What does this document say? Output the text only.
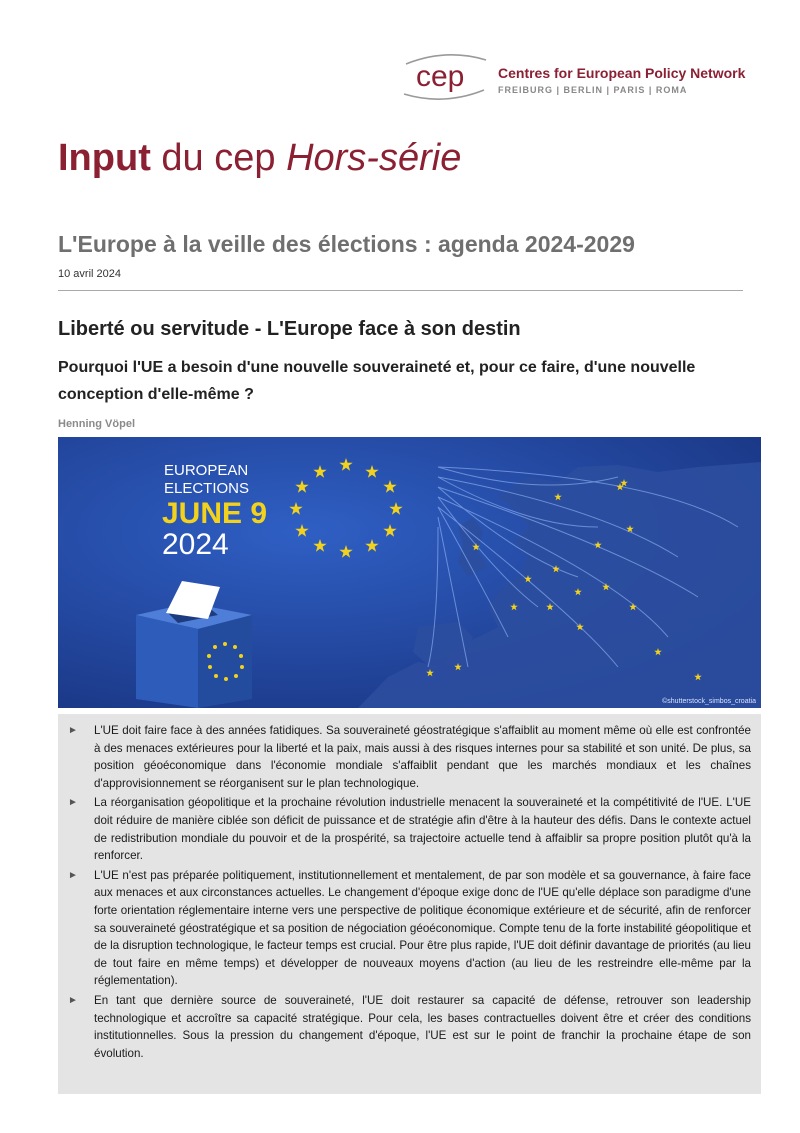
cep Centres for European Policy Network
FREIBURG | BERLIN | PARIS | ROMA
Input du cep Hors-série
L'Europe à la veille des élections : agenda 2024-2029
10 avril 2024
Liberté ou servitude - L'Europe face à son destin
Pourquoi l'UE a besoin d'une nouvelle souveraineté et, pour ce faire, d'une nouvelle conception d'elle-même ?
Henning Vöpel
EUROPEAN
ELECTIONS
JUNE 9
2024
©shutterstock_simbos_croatia
►	L'UE doit faire face à des années fatidiques. Sa souveraineté géostratégique s'affaiblit au moment même où elle est confrontée à des menaces extérieures pour la liberté et la paix, mais aussi à des risques internes pour sa stabilité et son unité. De plus, sa position géoéconomique dans l'économie mondiale s'affaiblit pendant que les marchés mondiaux et les chaînes d'approvisionnement se réorganisent sur le plan technologique.
►	La réorganisation géopolitique et la prochaine révolution industrielle menacent la souveraineté et la compétitivité de l'UE. L'UE doit réduire de manière ciblée son déficit de puissance et de stratégie afin d'être à la hauteur des défis. Dans le contexte actuel de redistribution mondiale du pouvoir et de la prospérité, sa trajectoire actuelle tend à affaiblir sa propre position plutôt qu'à la renforcer.
►	L'UE n'est pas préparée politiquement, institutionnellement et mentalement, de par son modèle et sa gouvernance, à faire face aux menaces et aux circonstances actuelles. Le changement d'époque exige donc de l'UE qu'elle déplace son paradigme d'une forte orientation réglementaire interne vers une perspective de politique économique extérieure et de sécurité, afin de renforcer sa souveraineté géostratégique et sa position de négociation géoéconomique. Compte tenu de la forte instabilité géopolitique et de la disruption technologique, le facteur temps est crucial. Pour être plus rapide, l'UE doit définir davantage de priorités (au lieu de tout faire en même temps) et développer de nouveaux moyens d'action (au lieu de les restreindre elle-même par la réglementation).
►	En tant que dernière source de souveraineté, l'UE doit restaurer sa capacité de défense, retrouver son leadership technologique et accroître sa capacité stratégique. Pour cela, les bases contractuelles doivent être et créer des conditions institutionnelles. Sous la pression du changement d'époque, l'UE est sur le point de franchir la prochaine étape de son évolution.
